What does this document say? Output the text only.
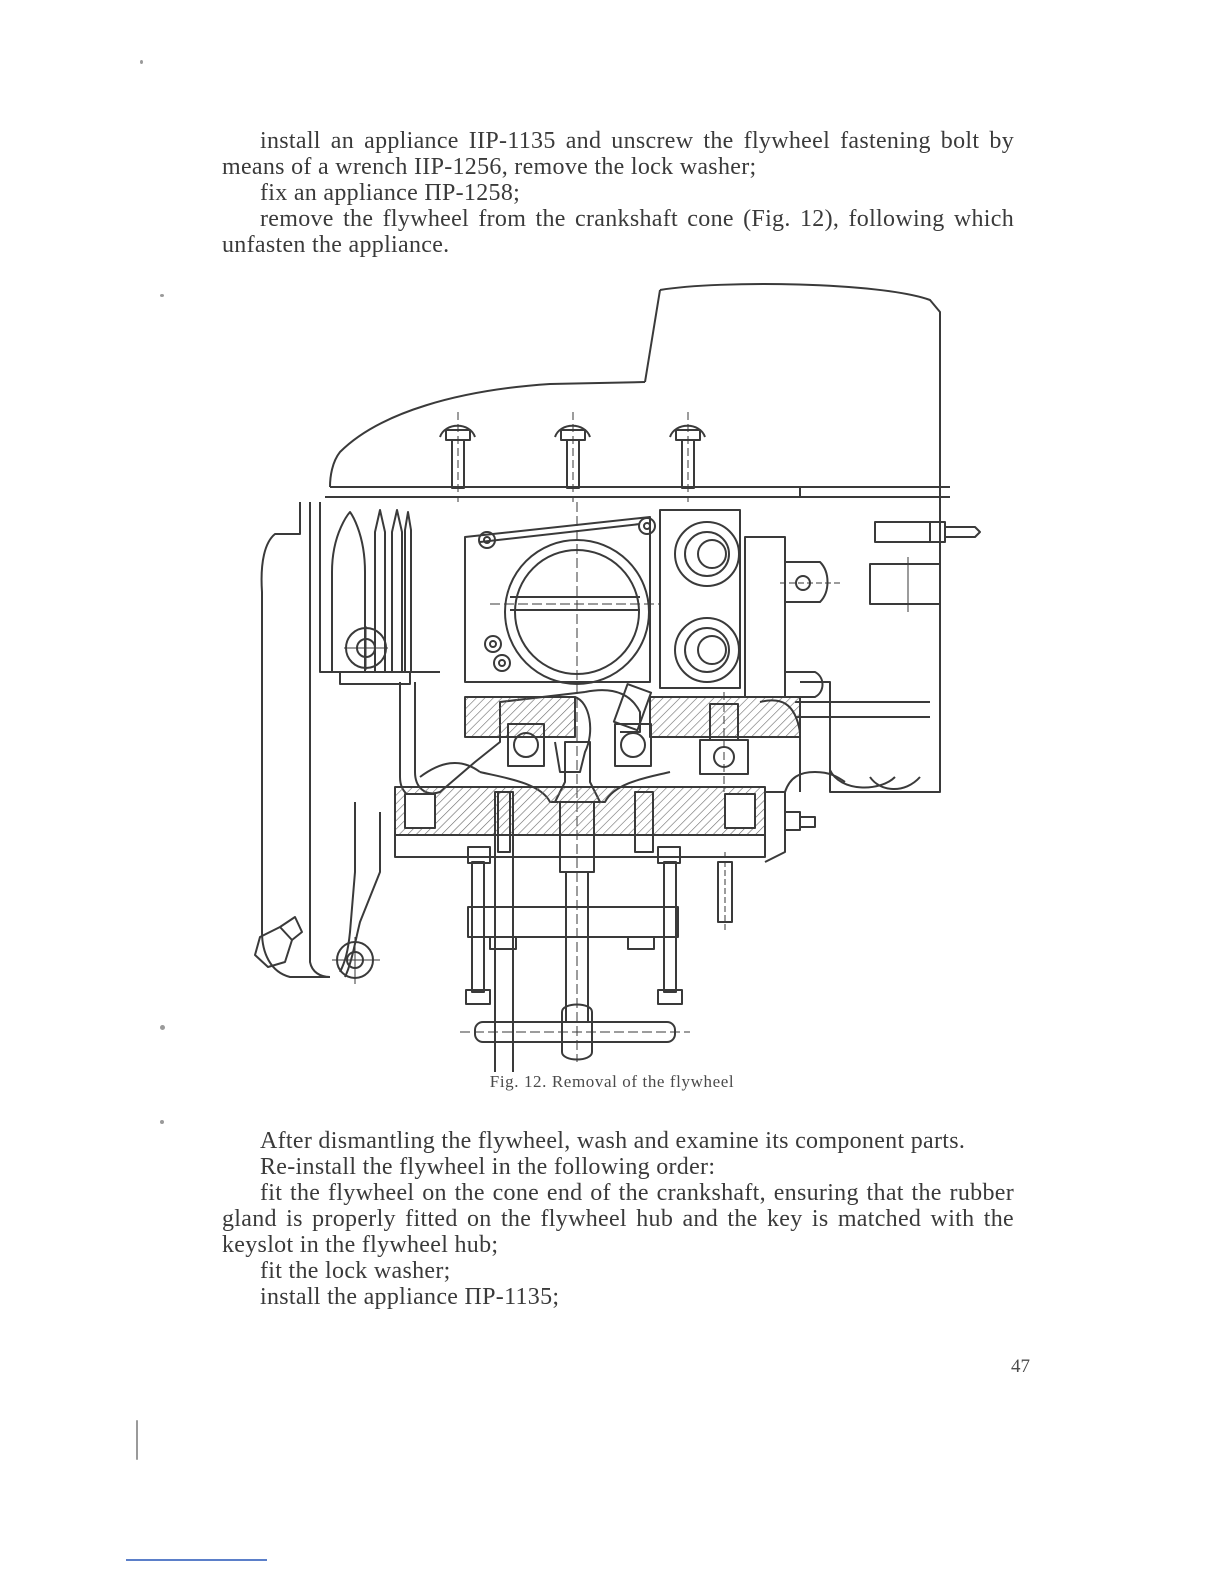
install an appliance IIP-1135 and unscrew the flywheel fastening bolt by means of a wrench IIP-1256, remove the lock washer;

fix an appliance ПР-1258;

remove the flywheel from the crankshaft cone (Fig. 12), following which unfasten the appliance.

Fig. 12. Removal of the flywheel

After dismantling the flywheel, wash and examine its component parts.

Re-install the flywheel in the following order:

fit the flywheel on the cone end of the crankshaft, ensuring that the rubber gland is properly fitted on the flywheel hub and the key is matched with the keyslot in the flywheel hub;

fit the lock washer;

install the appliance ПР-1135;

47
